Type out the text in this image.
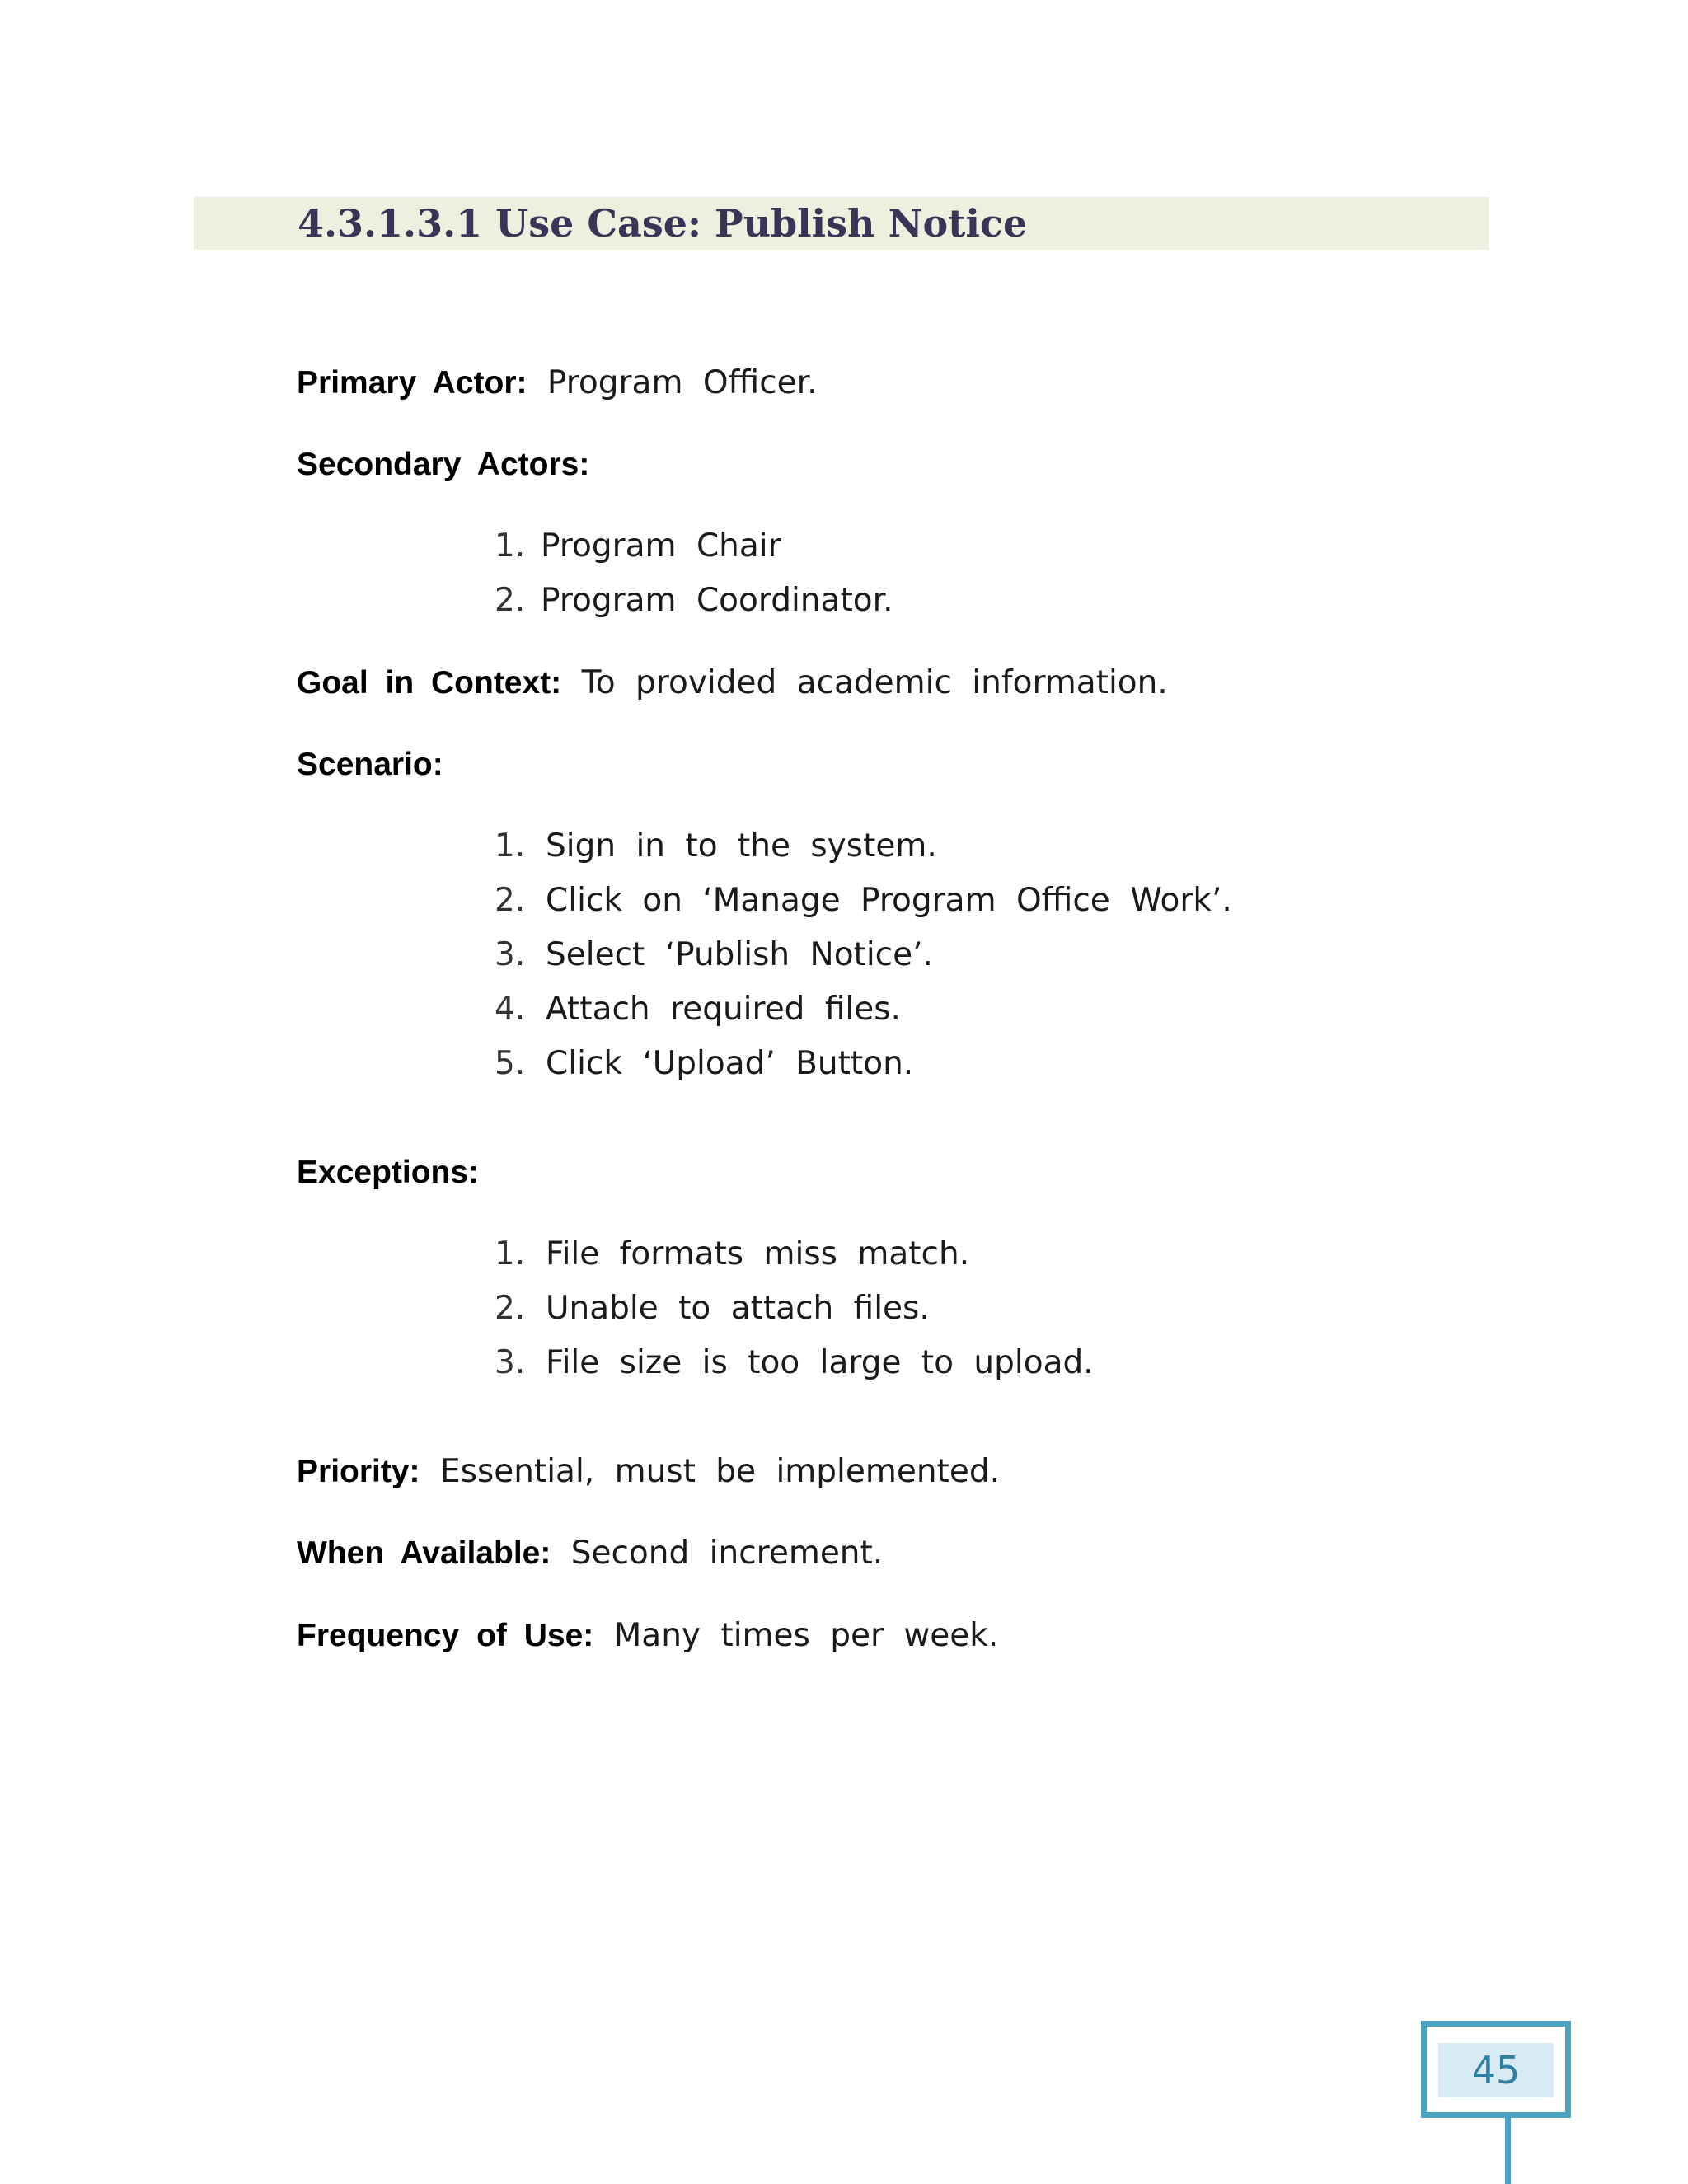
4.3.1.3.1 Use Case: Publish Notice
Primary Actor: Program Officer.
Secondary Actors:
1. Program Chair
2. Program Coordinator.
Goal in Context: To provided academic information.
Scenario:
1. Sign in to the system.
2. Click on ‘Manage Program Office Work’.
3. Select ‘Publish Notice’.
4. Attach required files.
5. Click ‘Upload’ Button.
Exceptions:
1. File formats miss match.
2. Unable to attach files.
3. File size is too large to upload.
Priority: Essential, must be implemented.
When Available: Second increment.
Frequency of Use: Many times per week.
45
